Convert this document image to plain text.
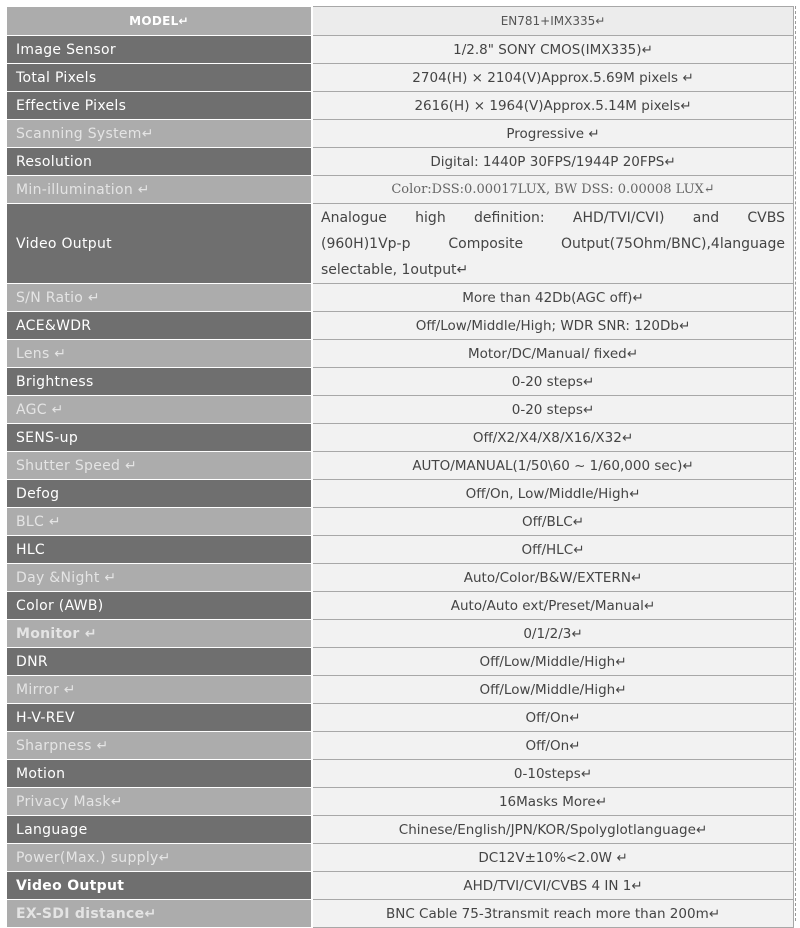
MODEL↵	EN781+IMX335↵
Image Sensor	1/2.8" SONY CMOS(IMX335)↵
Total Pixels	2704(H) × 2104(V)Approx.5.69M pixels ↵
Effective Pixels	2616(H) × 1964(V)Approx.5.14M pixels↵
Scanning System↵	Progressive ↵
Resolution	Digital: 1440P 30FPS/1944P 20FPS↵
Min-illumination ↵	Color:DSS:0.00017LUX, BW DSS: 0.00008 LUX↵
Video Output	Analogue high definition: AHD/TVI/CVI) and CVBS
(960H)1Vp-p Composite Output(75Ohm/BNC),4language
selectable, 1output↵

S/N Ratio ↵	More than 42Db(AGC off)↵
ACE&WDR	Off/Low/Middle/High; WDR SNR: 120Db↵
Lens ↵	Motor/DC/Manual/ fixed↵
Brightness	0-20 steps↵
AGC ↵	0-20 steps↵
SENS-up	Off/X2/X4/X8/X16/X32↵
Shutter Speed ↵	AUTO/MANUAL(1/50\60 ~ 1/60,000 sec)↵
Defog	Off/On, Low/Middle/High↵
BLC ↵	Off/BLC↵
HLC	Off/HLC↵
Day &Night ↵	Auto/Color/B&W/EXTERN↵
Color (AWB)	Auto/Auto ext/Preset/Manual↵
Monitor ↵	0/1/2/3↵
DNR	Off/Low/Middle/High↵
Mirror ↵	Off/Low/Middle/High↵
H-V-REV	Off/On↵
Sharpness ↵	Off/On↵
Motion	0-10steps↵
Privacy Mask↵	16Masks More↵
Language	Chinese/English/JPN/KOR/Spolyglotlanguage↵
Power(Max.) supply↵	DC12V±10%<2.0W ↵
Video Output	AHD/TVI/CVI/CVBS 4 IN 1↵
EX-SDI distance↵	BNC Cable 75-3transmit reach more than 200m↵
